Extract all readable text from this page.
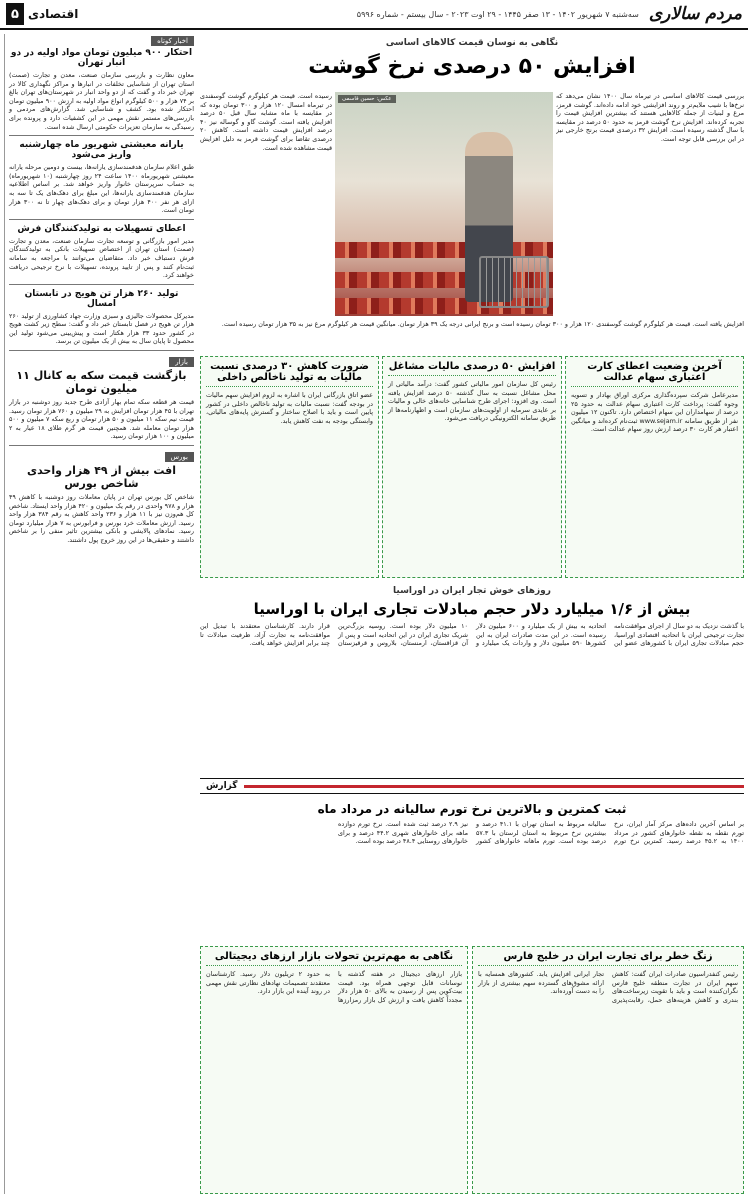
مردم سالاری
سه‌شنبه ۷ شهریور ۱۴۰۲ - ۱۳ صفر ۱۴۴۵ - ۲۹ اوت ۲۰۲۳ - سال بیستم - شماره ۵۹۹۶
اقتصادی
۵
اخبار کوتاه
احتکار ۹۰۰ میلیون تومان مواد اولیه در دو انبار تهران
معاون نظارت و بازرسی سازمان صنعت، معدن و تجارت (صمت) استان تهران از شناسایی تخلفات در انبارها و مراکز نگهداری کالا در تهران خبر داد و گفت که از دو واحد انبار در شهرستان‌های تهران بالغ بر ۷۴ هزار و ۵۰۰ کیلوگرم انواع مواد اولیه به ارزش ۹۰۰ میلیون تومان احتکار شده بود. کشف و شناسایی شد. گزارش‌های مردمی و بازرسی‌های مستمر نقش مهمی در این کشفیات دارد و پرونده برای رسیدگی به سازمان تعزیرات حکومتی ارسال شده است.
یارانه معیشتی شهریور ماه چهارشنبه واریز می‌شود
طبق اعلام سازمان هدفمندسازی یارانه‌ها، بیست و دومین مرحله یارانه معیشتی شهریورماه ۱۴۰۰ ساعت ۲۴ روز چهارشنبه (۱۰ شهریورماه) به حساب سرپرستان خانوار واریز خواهد شد. بر اساس اطلاعیه سازمان هدفمندسازی یارانه‌ها، این مبلغ برای دهک‌های یک تا سه به ازای هر نفر ۴۰۰ هزار تومان و برای دهک‌های چهار تا نه ۳۰۰ هزار تومان است.
اعطای تسهیلات به تولیدکنندگان فرش
مدیر امور بازرگانی و توسعه تجارت سازمان صنعت، معدن و تجارت (صمت) استان تهران از اختصاص تسهیلات بانکی به تولیدکنندگان فرش دستباف خبر داد. متقاضیان می‌توانند با مراجعه به سامانه ثبت‌نام کنند و پس از تایید پرونده، تسهیلات با نرخ ترجیحی دریافت خواهند کرد.
تولید ۲۶۰ هزار تن هویج در تابستان امسال
مدیرکل محصولات جالیزی و سبزی وزارت جهاد کشاورزی از تولید ۲۶۰ هزار تن هویج در فصل تابستان خبر داد و گفت: سطح زیر کشت هویج در کشور حدود ۳۳ هزار هکتار است و پیش‌بینی می‌شود تولید این محصول تا پایان سال به بیش از یک میلیون تن برسد.
بازار
بازگشت قیمت سکه به کانال ۱۱ میلیون تومان
قیمت هر قطعه سکه تمام بهار آزادی طرح جدید روز دوشنبه در بازار تهران با ۴۵ هزار تومان افزایش به ۲۹ میلیون و ۷۶۰ هزار تومان رسید. قیمت نیم سکه ۱۱ میلیون و ۵۰ هزار تومان و ربع سکه ۷ میلیون و ۵۰۰ هزار تومان معامله شد. همچنین قیمت هر گرم طلای ۱۸ عیار به ۲ میلیون و ۱۰۰ هزار تومان رسید.
بورس
افت بیش از ۴۹ هزار واحدی شاخص بورس
شاخص کل بورس تهران در پایان معاملات روز دوشنبه با کاهش ۴۹ هزار و ۹۷۸ واحدی در رقم یک میلیون و ۴۲۰ هزار واحد ایستاد. شاخص کل هم‌وزن نیز با ۱۱ هزار و ۲۳۶ واحد کاهش به رقم ۳۸۴ هزار واحد رسید. ارزش معاملات خرد بورس و فرابورس به ۷ هزار میلیارد تومان رسید. نمادهای پالایشی و بانکی بیشترین تاثیر منفی را بر شاخص داشتند و حقیقی‌ها در این روز خروج پول داشتند.
نگاهی به نوسان قیمت کالاهای اساسی
افزایش ۵۰ درصدی نرخ گوشت
بررسی قیمت کالاهای اساسی در تیرماه سال ۱۴۰۰ نشان می‌دهد که نرخ‌ها با شیب ملایم‌تر و روند افزایشی خود ادامه داده‌اند. گوشت قرمز، مرغ و لبنیات از جمله کالاهایی هستند که بیشترین افزایش قیمت را تجربه کرده‌اند. افزایش نرخ گوشت قرمز به حدود ۵۰ درصد در مقایسه با سال گذشته رسیده است. افزایش ۳۲ درصدی قیمت برنج خارجی نیز در این بررسی قابل توجه است.
عکس: حسین قاسمی
رسیده است. قیمت هر کیلوگرم گوشت گوسفندی در تیرماه امسال ۱۲۰ هزار و ۳۰۰ تومان بوده که در مقایسه با ماه مشابه سال قبل ۵۰ درصد افزایش یافته است. گوشت گاو و گوساله نیز ۴۰ درصد افزایش قیمت داشته است. کاهش ۲۰ درصدی تقاضا برای گوشت قرمز به دلیل افزایش قیمت مشاهده شده است.
افزایش یافته است. قیمت هر کیلوگرم گوشت گوسفندی ۱۲۰ هزار و ۳۰۰ تومان رسیده است و برنج ایرانی درجه یک ۳۹ هزار تومان. میانگین قیمت هر کیلوگرم مرغ نیز به ۳۵ هزار تومان رسیده است.
آخرین وضعیت اعطای کارت اعتباری سهام عدالت
مدیرعامل شرکت سپرده‌گذاری مرکزی اوراق بهادار و تسویه وجوه گفت: پرداخت کارت اعتباری سهام عدالت به حدود ۲۵ درصد از سهامداران این سهام اختصاص دارد. تاکنون ۱۲ میلیون نفر از طریق سامانه www.sejam.ir ثبت‌نام کرده‌اند و میانگین اعتبار هر کارت ۳۰ درصد ارزش روز سهام عدالت است.
افزایش ۵۰ درصدی مالیات مشاغل
رئیس کل سازمان امور مالیاتی کشور گفت: درآمد مالیاتی از محل مشاغل نسبت به سال گذشته ۵۰ درصد افزایش یافته است. وی افزود: اجرای طرح شناسایی خانه‌های خالی و مالیات بر عایدی سرمایه از اولویت‌های سازمان است و اظهارنامه‌ها از طریق سامانه الکترونیکی دریافت می‌شود.
ضرورت کاهش ۳۰ درصدی نسبت مالیات به تولید ناخالص داخلی
عضو اتاق بازرگانی ایران با اشاره به لزوم افزایش سهم مالیات در بودجه گفت: نسبت مالیات به تولید ناخالص داخلی در کشور پایین است و باید با اصلاح ساختار و گسترش پایه‌های مالیاتی، وابستگی بودجه به نفت کاهش یابد.
روزهای خوش تجار ایران در اوراسیا
بیش از ۱/۶ میلیارد دلار حجم مبادلات تجاری ایران با اوراسیا
با گذشت نزدیک به دو سال از اجرای موافقت‌نامه تجارت ترجیحی ایران با اتحادیه اقتصادی اوراسیا، حجم مبادلات تجاری ایران با کشورهای عضو این اتحادیه به بیش از یک میلیارد و ۶۰۰ میلیون دلار رسیده است. در این مدت صادرات ایران به این کشورها ۵۹۰ میلیون دلار و واردات یک میلیارد و ۱۰ میلیون دلار بوده است. روسیه بزرگ‌ترین شریک تجاری ایران در این اتحادیه است و پس از آن قزاقستان، ارمنستان، بلاروس و قرقیزستان قرار دارند. کارشناسان معتقدند با تبدیل این موافقت‌نامه به تجارت آزاد، ظرفیت مبادلات تا چند برابر افزایش خواهد یافت.
گزارش
ثبت کمترین و بالاترین نرخ تورم سالیانه در مرداد ماه
بر اساس آخرین داده‌های مرکز آمار ایران، نرخ تورم نقطه به نقطه خانوارهای کشور در مرداد ۱۴۰۰ به ۴۵.۲ درصد رسید. کمترین نرخ تورم سالیانه مربوط به استان تهران با ۴۱.۱ درصد و بیشترین نرخ مربوط به استان لرستان با ۵۷.۳ درصد بوده است. تورم ماهانه خانوارهای کشور نیز ۲.۹ درصد ثبت شده است. نرخ تورم دوازده ماهه برای خانوارهای شهری ۴۴.۲ درصد و برای خانوارهای روستایی ۴۸.۴ درصد بوده است.
زنگ خطر برای تجارت ایران در خلیج فارس
رئیس کنفدراسیون صادرات ایران گفت: کاهش سهم ایران در تجارت منطقه خلیج فارس نگران‌کننده است و باید با تقویت زیرساخت‌های بندری و کاهش هزینه‌های حمل، رقابت‌پذیری تجار ایرانی افزایش یابد. کشورهای همسایه با ارائه مشوق‌های گسترده سهم بیشتری از بازار را به دست آورده‌اند.
نگاهی به مهم‌ترین تحولات بازار ارزهای دیجیتالی
بازار ارزهای دیجیتال در هفته گذشته با نوسانات قابل توجهی همراه بود. قیمت بیت‌کوین پس از رسیدن به بالای ۵۰ هزار دلار مجدداً کاهش یافت و ارزش کل بازار رمزارزها به حدود ۲ تریلیون دلار رسید. کارشناسان معتقدند تصمیمات نهادهای نظارتی نقش مهمی در روند آینده این بازار دارد.
